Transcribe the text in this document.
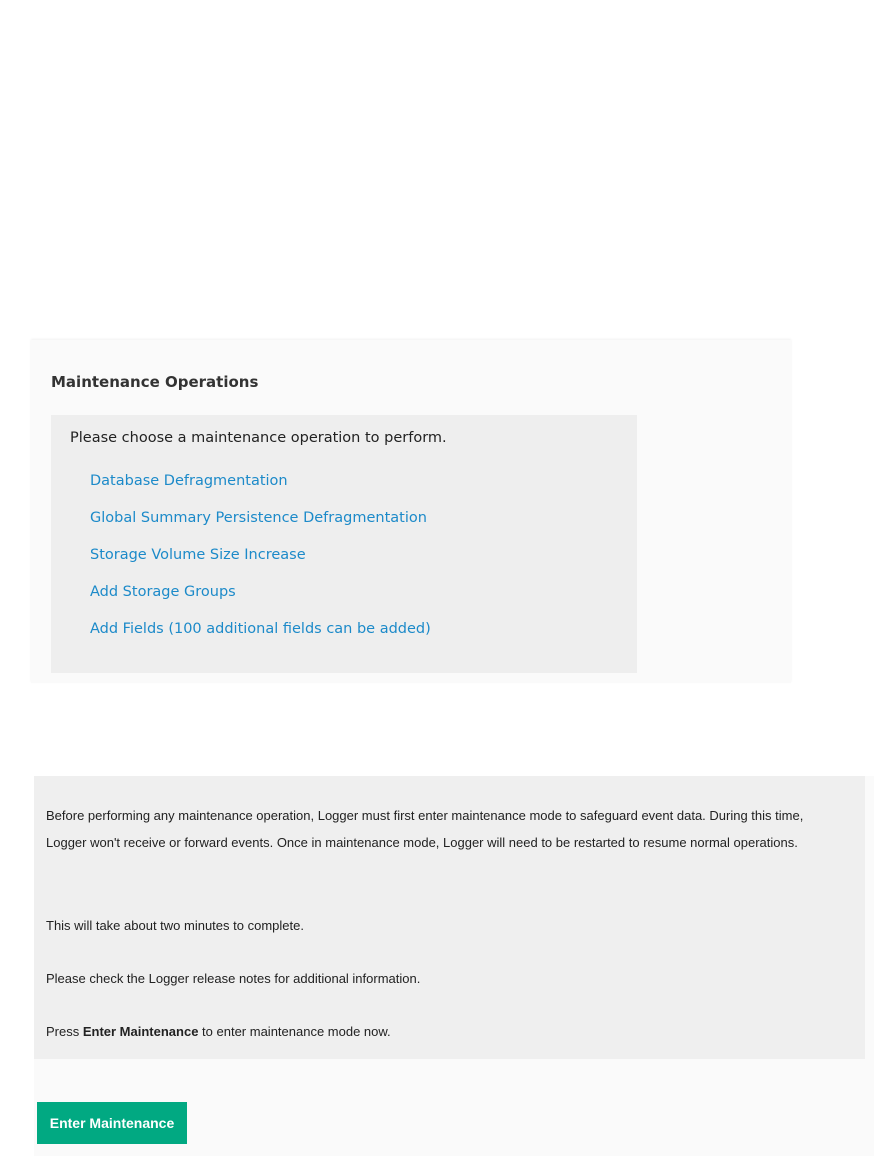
Maintenance Operations

Please choose a maintenance operation to perform.

Database Defragmentation
Global Summary Persistence Defragmentation
Storage Volume Size Increase
Add Storage Groups
Add Fields (100 additional fields can be added)

Before performing any maintenance operation, Logger must first enter maintenance mode to safeguard event data. During this time, Logger won't receive or forward events. Once in maintenance mode, Logger will need to be restarted to resume normal operations.

This will take about two minutes to complete.

Please check the Logger release notes for additional information.

Press Enter Maintenance to enter maintenance mode now.

Enter Maintenance
